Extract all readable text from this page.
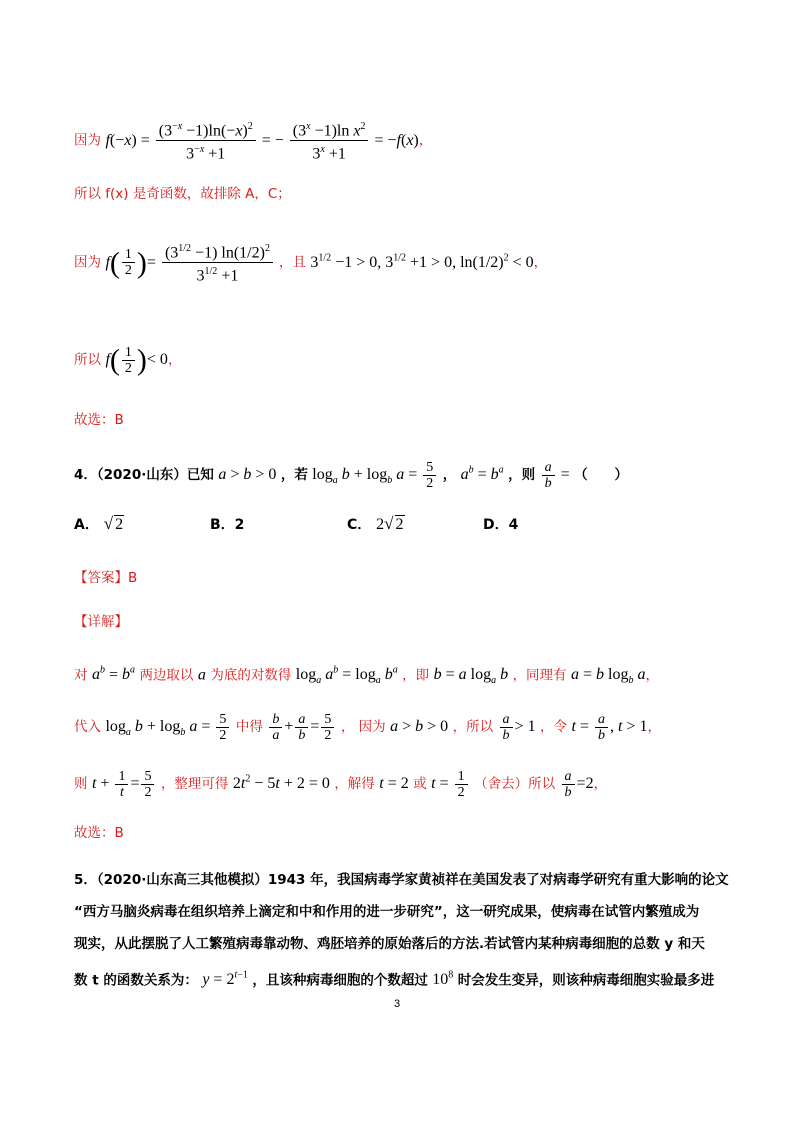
因为 $f(-x) = \frac{(3^{-x} -1)\ln(-x)^2}{3^{-x} +1}$ = − $\frac{(3^x -1)\ln x^2}{3^x +1} = -f(x)$，
所以 f(x) 是奇函数，故排除 A，C；
因为 $f( \frac{1}{2}$ )= $\frac{(3^{1/2} -1) \ln(1/2)^2}{3^{1/2} +1}$ ，且 $3^{1/2} -1 > 0$, $3^{1/2} +1 > 0$, $\ln(1/2)^2 < 0$，
所以 $f( \frac{1}{2}$ )< 0，
故选：B
4．（2020·山东）已知 a > b > 0 ，若 $\log_a b + \log_b a = \frac{5}{2}$ ， $a^b = b^a$ ，则 $\frac{a}{b}$ = （　　）
A． √ 2	B．2	C． 2√ 2	D．4
【答案】B
【详解】
对 $a^b = b^a$ 两边取以 a 为底的对数得 $\log_a a^b = \log_a b^a$ ，即 b = a $\log_a b$ ，同理有 a = b $\log_b a$，
代入 $\log_a b + \log_b a = \frac{5}{2}$ 中得 $\frac{b}{a} + \frac{a}{b} = \frac{5}{2}$ ， 因为 a > b > 0 ，所以 $\frac{a}{b} > 1$ ，令 $t = \frac{a}{b}$ , t > 1，
则 $t + \frac{1}{t} = \frac{5}{2}$ ，整理可得 $2t^2 - 5t + 2 = 0$ ，解得 t = 2 或 $t = \frac{1}{2}$ （舍去）所以 $\frac{a}{b} =2$，
故选：B
5．（2020·山东高三其他模拟）1943 年，我国病毒学家黄祯祥在美国发表了对病毒学研究有重大影响的论文
“西方马脑炎病毒在组织培养上滴定和中和作用的进一步研究”，这一研究成果，使病毒在试管内繁殖成为
现实，从此摆脱了人工繁殖病毒靠动物、鸡胚培养的原始落后的方法.若试管内某种病毒细胞的总数 y 和天
数 t 的函数关系为： $y = 2^{t-1}$ ，且该种病毒细胞的个数超过 $10^8$ 时会发生变异，则该种病毒细胞实验最多进
3
